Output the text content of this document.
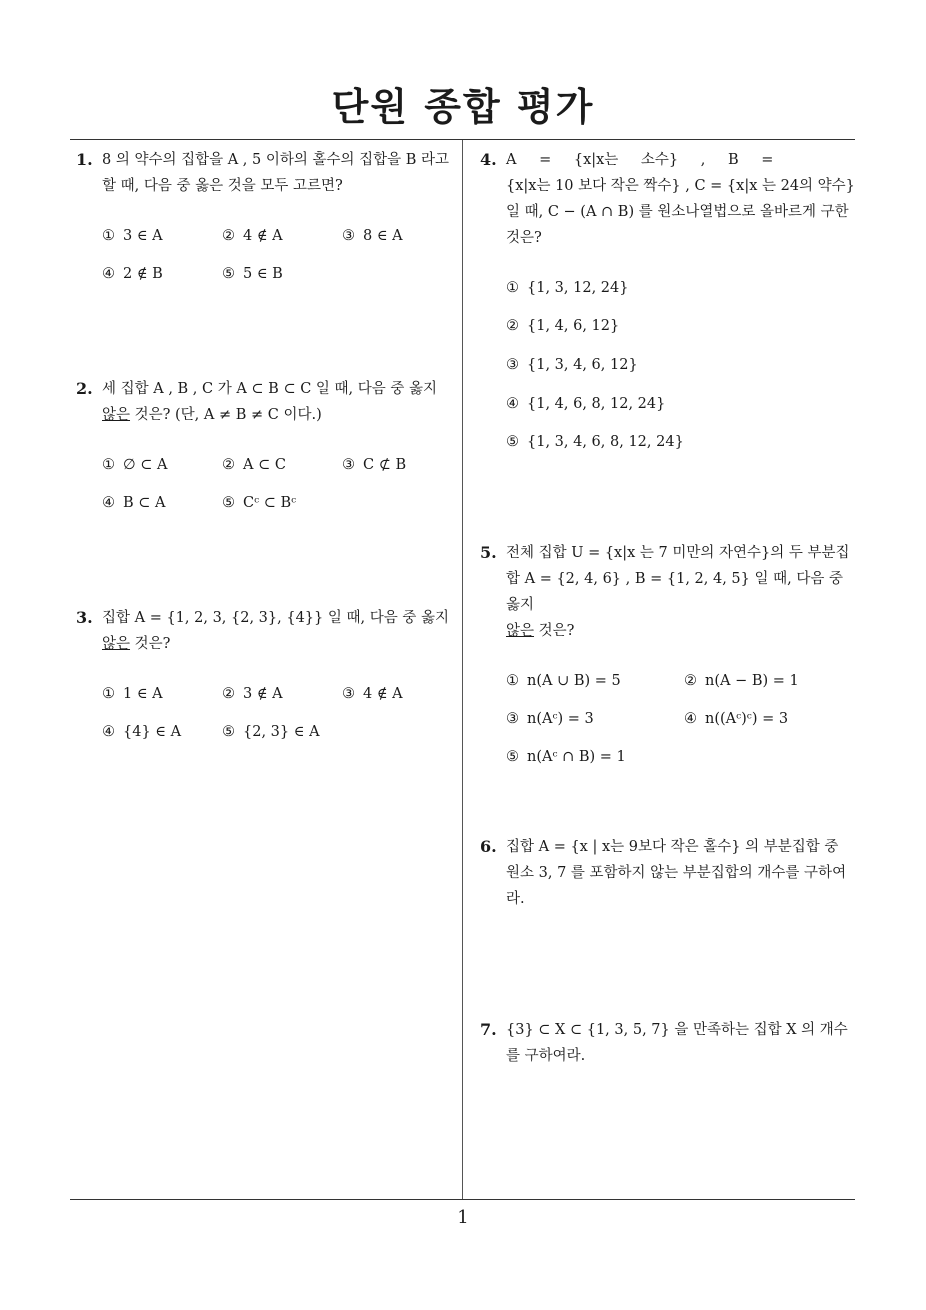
단원 종합 평가
1
1. 8 의 약수의 집합을 A , 5 이하의 홀수의 집합을 B 라고
할 때, 다음 중 옳은 것을 모두 고르면?
① 3 ∈ A	② 4 ∉ A	③ 8 ∈ A
④ 2 ∉ B	⑤ 5 ∈ B
2. 세 집합 A , B , C 가 A ⊂ B ⊂ C 일 때, 다음 중 옳지
않은 것은? (단, A ≠ B ≠ C 이다.)
① ∅ ⊂ A	② A ⊂ C	③ C ⊄ B
④ B ⊂ A	⑤ Cᶜ ⊂ Bᶜ
3. 집합 A = {1, 2, 3, {2, 3}, {4}} 일 때, 다음 중 옳지
않은 것은?
① 1 ∈ A	② 3 ∉ A	③ 4 ∉ A
④ {4} ∈ A	⑤ {2, 3} ∈ A
4. A = {x|x는 소수} , B =
{x|x는 10 보다 작은 짝수} , C = {x|x 는 24의 약수}
일 때, C − (A ∩ B) 를 원소나열법으로 올바르게 구한
것은?
① {1, 3, 12, 24}
② {1, 4, 6, 12}
③ {1, 3, 4, 6, 12}
④ {1, 4, 6, 8, 12, 24}
⑤ {1, 3, 4, 6, 8, 12, 24}
5. 전체 집합 U = {x|x 는 7 미만의 자연수}의 두 부분집
합 A = {2, 4, 6} , B = {1, 2, 4, 5} 일 때, 다음 중 옳지
않은 것은?
① n(A ∪ B) = 5	② n(A − B) = 1
③ n(Aᶜ) = 3	④ n((Aᶜ)ᶜ) = 3
⑤ n(Aᶜ ∩ B) = 1
6. 집합 A = {x | x는 9보다 작은 홀수} 의 부분집합 중
원소 3, 7 를 포함하지 않는 부분집합의 개수를 구하여
라.
7. {3} ⊂ X ⊂ {1, 3, 5, 7} 을 만족하는 집합 X 의 개수
를 구하여라.
